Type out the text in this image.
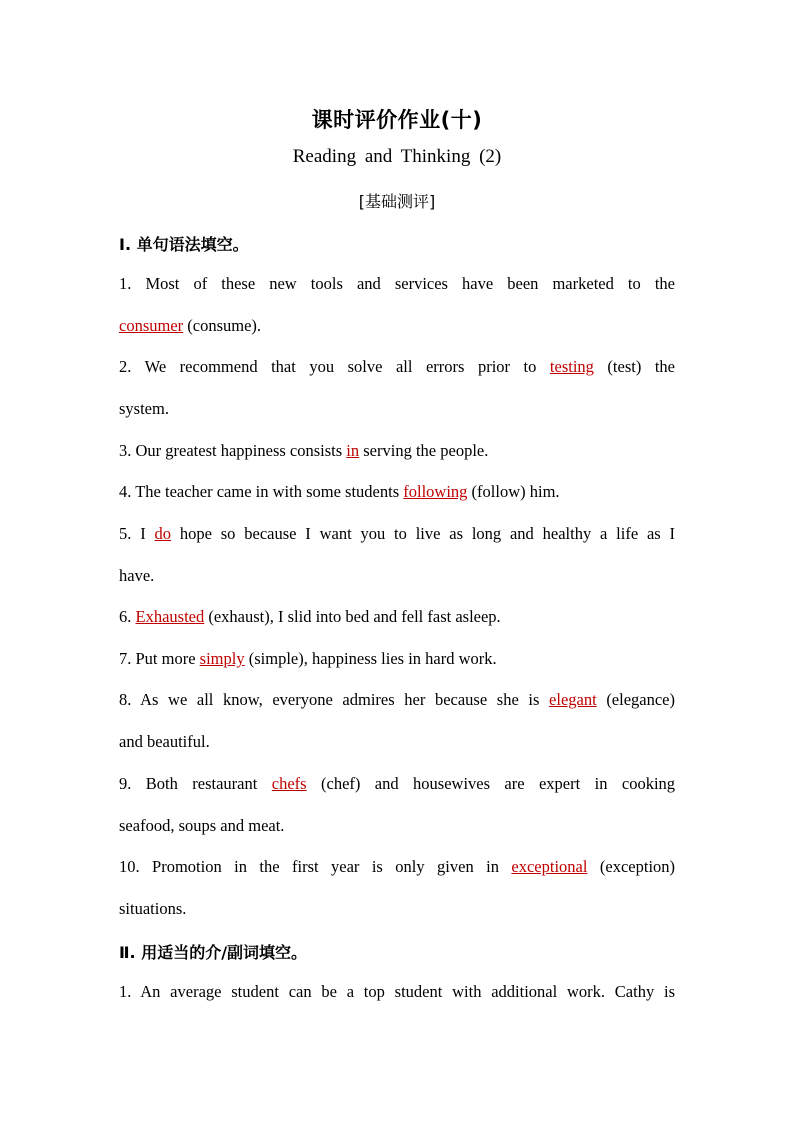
课时评价作业(十)
Reading and Thinking (2)
[基础测评]
Ⅰ. 单句语法填空。
1. Most of these new tools and services have been marketed to the
consumer (consume).
2. We recommend that you solve all errors prior to testing (test) the
system.
3. Our greatest happiness consists in serving the people.
4. The teacher came in with some students following (follow) him.
5. I do hope so because I want you to live as long and healthy a life as I
have.
6. Exhausted (exhaust), I slid into bed and fell fast asleep.
7. Put more simply (simple), happiness lies in hard work.
8. As we all know, everyone admires her because she is elegant (elegance)
and beautiful.
9. Both restaurant chefs (chef) and housewives are expert in cooking
seafood, soups and meat.
10. Promotion in the first year is only given in exceptional (exception)
situations.
Ⅱ. 用适当的介/副词填空。
1. An average student can be a top student with additional work. Cathy is
